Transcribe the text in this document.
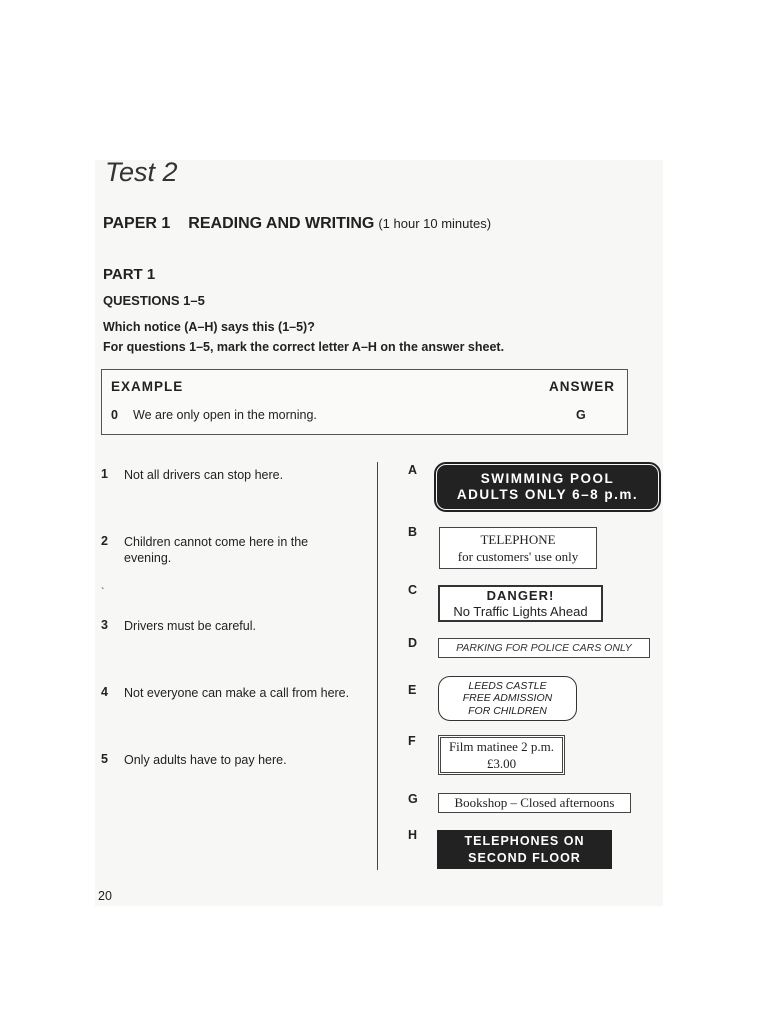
Test 2
PAPER 1 READING AND WRITING (1 hour 10 minutes)
PART 1
QUESTIONS 1–5
Which notice (A–H) says this (1–5)?
For questions 1–5, mark the correct letter A–H on the answer sheet.
EXAMPLE	ANSWER
0 We are only open in the morning.	G
1 Not all drivers can stop here.
2 Children cannot come here in the
evening.
`
3 Drivers must be careful.
4 Not everyone can make a call from here.
5 Only adults have to pay here.
A
B
C
D
E
F
G
H
SWIMMING POOL
ADULTS ONLY 6–8 p.m.
TELEPHONE
for customers' use only
DANGER!
No Traffic Lights Ahead
PARKING FOR POLICE CARS ONLY
LEEDS CASTLE
FREE ADMISSION
FOR CHILDREN
Film matinee 2 p.m.
£3.00
Bookshop – Closed afternoons
TELEPHONES ON
SECOND FLOOR
20
